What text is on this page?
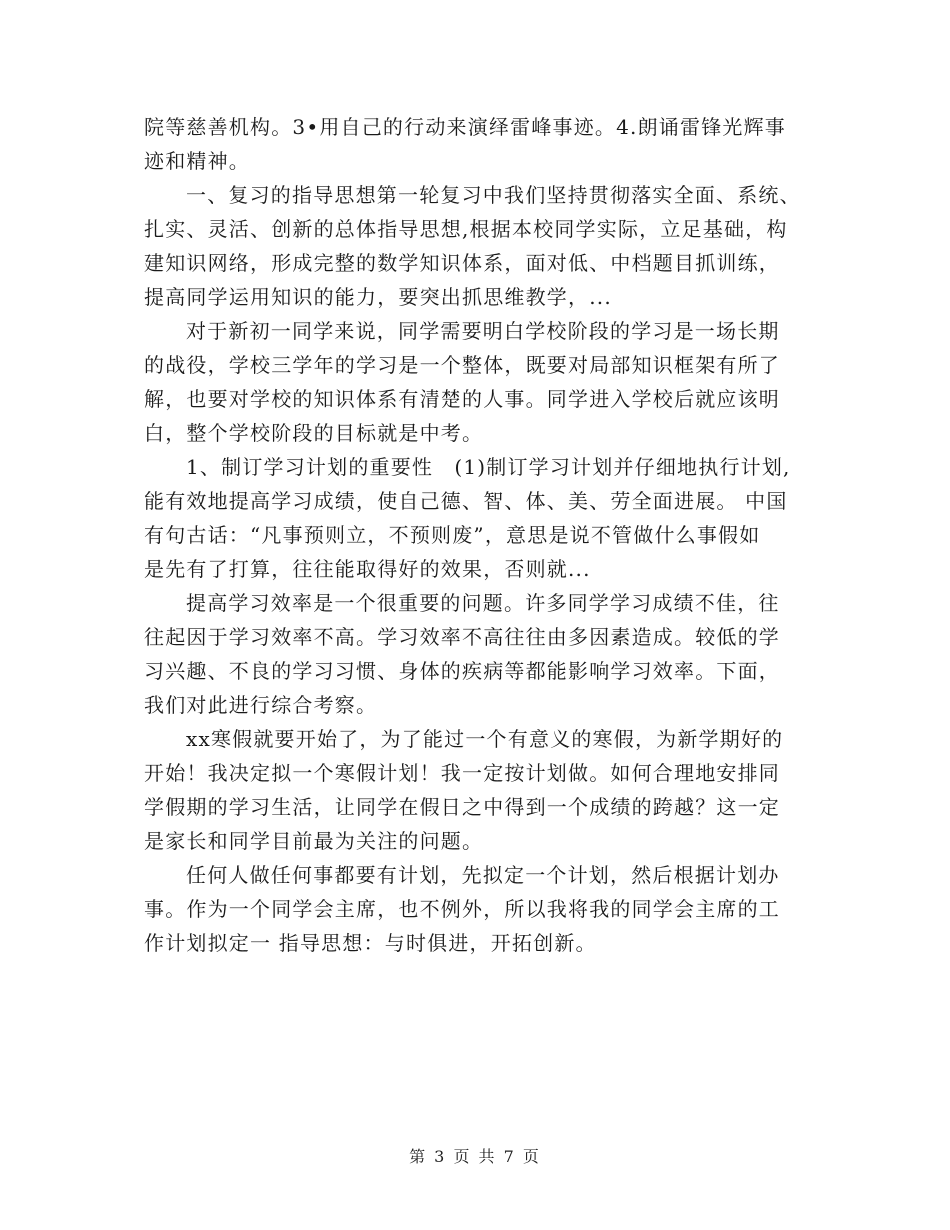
院等慈善机构。3•用自己的行动来演绎雷峰事迹。4.朗诵雷锋光辉事
迹和精神。
一、复习的指导思想第一轮复习中我们坚持贯彻落实全面、系统、
扎实、灵活、创新的总体指导思想,根据本校同学实际，立足基础，构
建知识网络，形成完整的数学知识体系，面对低、中档题目抓训练，
提高同学运用知识的能力，要突出抓思维教学，...
对于新初一同学来说，同学需要明白学校阶段的学习是一场长期
的战役，学校三学年的学习是一个整体，既要对局部知识框架有所了
解，也要对学校的知识体系有清楚的人事。同学进入学校后就应该明
白，整个学校阶段的目标就是中考。
1、制订学习计划的重要性　(1)制订学习计划并仔细地执行计划,
能有效地提高学习成绩，使自己德、智、体、美、劳全面进展。 中国
有句古话：“凡事预则立，不预则废”，意思是说不管做什么事假如
是先有了打算，往往能取得好的效果，否则就...
提高学习效率是一个很重要的问题。许多同学学习成绩不佳，往
往起因于学习效率不高。学习效率不高往往由多因素造成。较低的学
习兴趣、不良的学习习惯、身体的疾病等都能影响学习效率。下面，
我们对此进行综合考察。
xx寒假就要开始了，为了能过一个有意义的寒假，为新学期好的
开始！我决定拟一个寒假计划！我一定按计划做。如何合理地安排同
学假期的学习生活，让同学在假日之中得到一个成绩的跨越？这一定
是家长和同学目前最为关注的问题。
任何人做任何事都要有计划，先拟定一个计划，然后根据计划办
事。作为一个同学会主席，也不例外，所以我将我的同学会主席的工
作计划拟定一 指导思想：与时俱进，开拓创新。
第 3 页 共 7 页
